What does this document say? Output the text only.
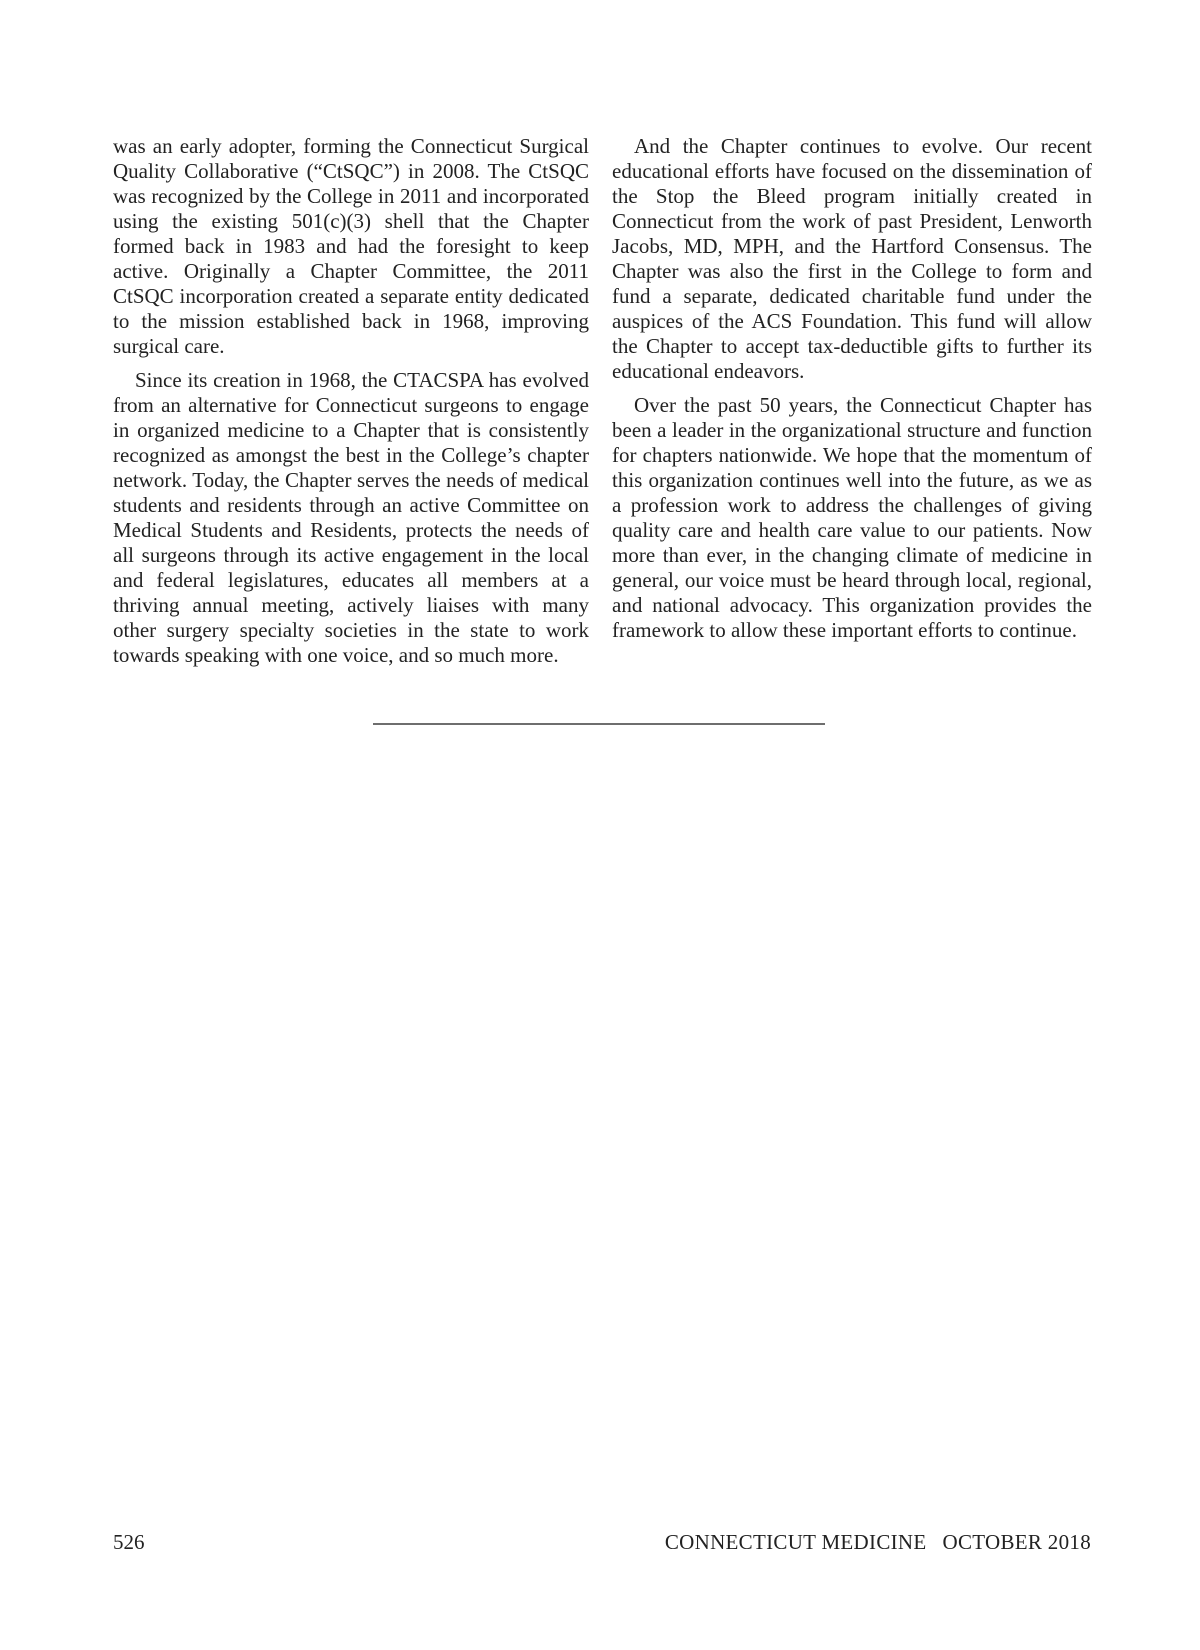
was an early adopter, forming the Connecticut Surgical Quality Collaborative (“CtSQC”) in 2008. The CtSQC was recognized by the College in 2011 and incorporated using the existing 501(c)(3) shell that the Chapter formed back in 1983 and had the foresight to keep active. Originally a Chapter Committee, the 2011 CtSQC incorporation created a separate entity dedicated to the mission established back in 1968, improving surgical care.

Since its creation in 1968, the CTACSPA has evolved from an alternative for Connecticut surgeons to engage in organized medicine to a Chapter that is consistently recognized as amongst the best in the College’s chapter network. Today, the Chapter serves the needs of medical students and residents through an active Committee on Medical Students and Residents, protects the needs of all surgeons through its active engagement in the local and federal legislatures, educates all members at a thriving annual meeting, actively liaises with many other surgery specialty societies in the state to work towards speaking with one voice, and so much more.

And the Chapter continues to evolve. Our recent educational efforts have focused on the dissemination of the Stop the Bleed program initially created in Connecticut from the work of past President, Lenworth Jacobs, MD, MPH, and the Hartford Consensus. The Chapter was also the first in the College to form and fund a separate, dedicated charitable fund under the auspices of the ACS Foundation. This fund will allow the Chapter to accept tax-deductible gifts to further its educational endeavors.

Over the past 50 years, the Connecticut Chapter has been a leader in the organizational structure and function for chapters nationwide. We hope that the momentum of this organization continues well into the future, as we as a profession work to address the challenges of giving quality care and health care value to our patients. Now more than ever, in the changing climate of medicine in general, our voice must be heard through local, regional, and national advocacy. This organization provides the framework to allow these important efforts to continue.

526	CONNECTICUT MEDICINE OCTOBER 2018
